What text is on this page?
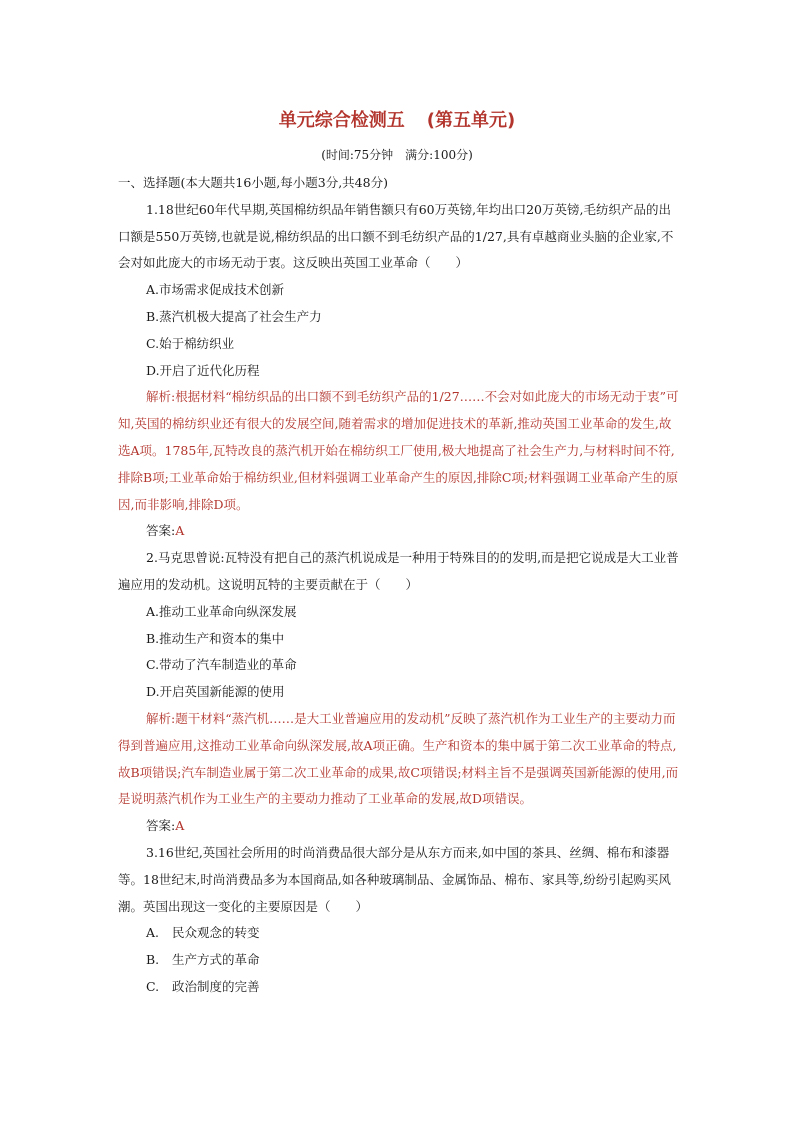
单元综合检测五 (第五单元)
(时间:75分钟　满分:100分)

一、选择题(本大题共16小题,每小题3分,共48分)

1.18世纪60年代早期,英国棉纺织品年销售额只有60万英镑,年均出口20万英镑,毛纺织产品的出口额是550万英镑,也就是说,棉纺织品的出口额不到毛纺织产品的1/27,具有卓越商业头脑的企业家,不会对如此庞大的市场无动于衷。这反映出英国工业革命（　　）

A.市场需求促成技术创新

B.蒸汽机极大提高了社会生产力

C.始于棉纺织业

D.开启了近代化历程

解析:根据材料“棉纺织品的出口额不到毛纺织产品的1/27……不会对如此庞大的市场无动于衷”可知,英国的棉纺织业还有很大的发展空间,随着需求的增加促进技术的革新,推动英国工业革命的发生,故选A项。1785年,瓦特改良的蒸汽机开始在棉纺织工厂使用,极大地提高了社会生产力,与材料时间不符,排除B项;工业革命始于棉纺织业,但材料强调工业革命产生的原因,排除C项;材料强调工业革命产生的原因,而非影响,排除D项。

答案:A

2.马克思曾说:瓦特没有把自己的蒸汽机说成是一种用于特殊目的的发明,而是把它说成是大工业普遍应用的发动机。这说明瓦特的主要贡献在于（　　）

A.推动工业革命向纵深发展

B.推动生产和资本的集中

C.带动了汽车制造业的革命

D.开启英国新能源的使用

解析:题干材料“蒸汽机……是大工业普遍应用的发动机”反映了蒸汽机作为工业生产的主要动力而得到普遍应用,这推动工业革命向纵深发展,故A项正确。生产和资本的集中属于第二次工业革命的特点,故B项错误;汽车制造业属于第二次工业革命的成果,故C项错误;材料主旨不是强调英国新能源的使用,而是说明蒸汽机作为工业生产的主要动力推动了工业革命的发展,故D项错误。

答案:A

3.16世纪,英国社会所用的时尚消费品很大部分是从东方而来,如中国的茶具、丝绸、棉布和漆器等。18世纪末,时尚消费品多为本国商品,如各种玻璃制品、金属饰品、棉布、家具等,纷纷引起购买风潮。英国出现这一变化的主要原因是（　　）

A. 民众观念的转变

B. 生产方式的革命

C. 政治制度的完善
